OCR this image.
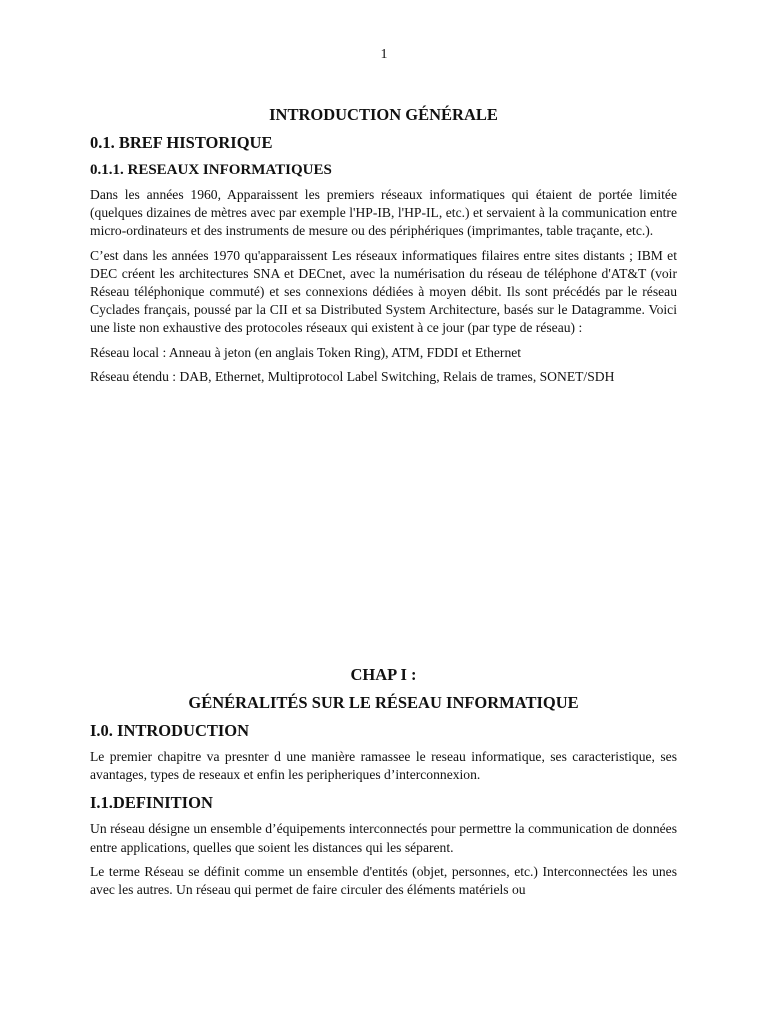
1
INTRODUCTION GÉNÉRALE
0.1. BREF HISTORIQUE
0.1.1. RESEAUX INFORMATIQUES

Dans les années 1960, Apparaissent les premiers réseaux informatiques qui étaient de portée limitée (quelques dizaines de mètres avec par exemple l'HP-IB, l'HP-IL, etc.) et servaient à la communication entre micro-ordinateurs et des instruments de mesure ou des périphériques (imprimantes, table traçante, etc.).

C’est dans les années 1970 qu'apparaissent Les réseaux informatiques filaires entre sites distants ; IBM et DEC créent les architectures SNA et DECnet, avec la numérisation du réseau de téléphone d'AT&T (voir Réseau téléphonique commuté) et ses connexions dédiées à moyen débit. Ils sont précédés par le réseau Cyclades français, poussé par la CII et sa Distributed System Architecture, basés sur le Datagramme. Voici une liste non exhaustive des protocoles réseaux qui existent à ce jour (par type de réseau) :

Réseau local : Anneau à jeton (en anglais Token Ring), ATM, FDDI et Ethernet

Réseau étendu : DAB, Ethernet, Multiprotocol Label Switching, Relais de trames, SONET/SDH

CHAP I :
GÉNÉRALITÉS SUR LE RÉSEAU INFORMATIQUE
I.0. INTRODUCTION

Le premier chapitre va presnter d une manière ramassee le reseau informatique, ses caracteristique, ses avantages, types de reseaux et enfin les peripheriques d’interconnexion.

I.1.DEFINITION

Un réseau désigne un ensemble d’équipements interconnectés pour permettre la communication de données entre applications, quelles que soient les distances qui les séparent.

Le terme Réseau se définit comme un ensemble d'entités (objet, personnes, etc.) Interconnectées les unes avec les autres. Un réseau qui permet de faire circuler des éléments matériels ou
